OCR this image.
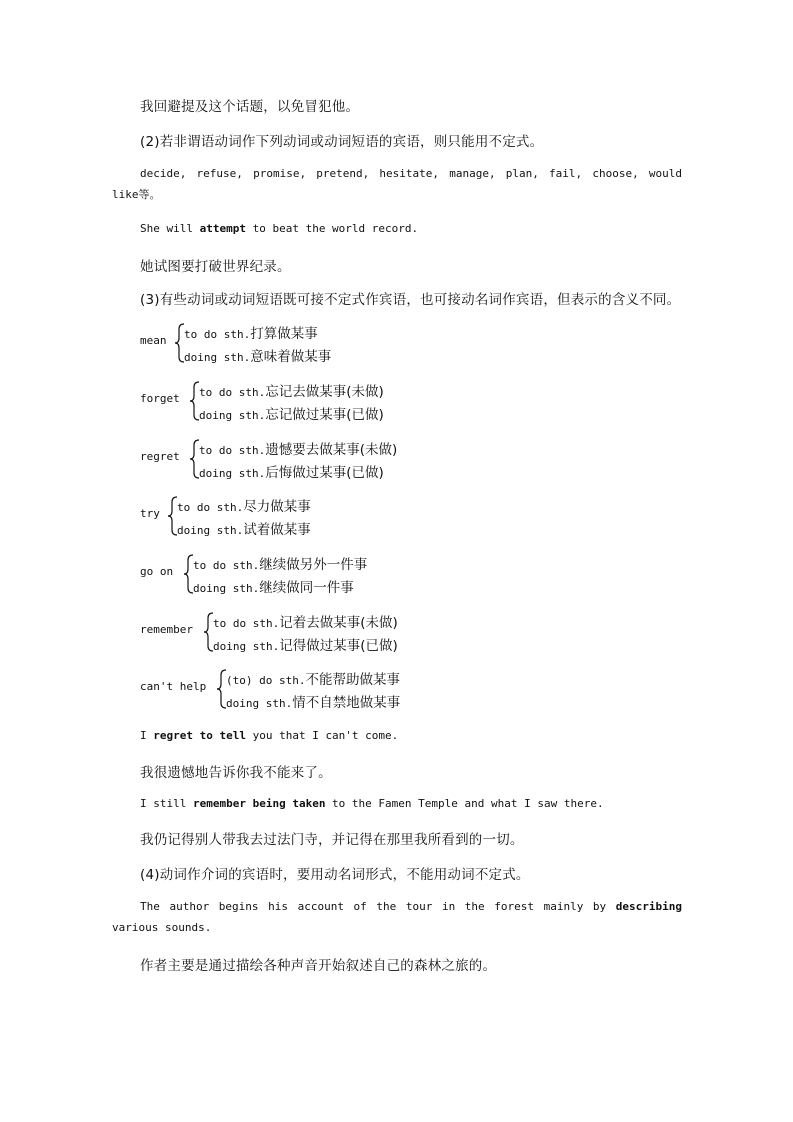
我回避提及这个话题，以免冒犯他。
(2)若非谓语动词作下列动词或动词短语的宾语，则只能用不定式。
decide, refuse, promise, pretend, hesitate, manage, plan, fail, choose, would like等。
She will attempt to beat the world record.
她试图要打破世界纪录。
(3)有些动词或动词短语既可接不定式作宾语，也可接动名词作宾语，但表示的含义不同。
mean to do sth.打算做某事
doing sth.意味着做某事
forget to do sth.忘记去做某事(未做)
doing sth.忘记做过某事(已做)
regret to do sth.遗憾要去做某事(未做)
doing sth.后悔做过某事(已做)
try to do sth.尽力做某事
doing sth.试着做某事
go on to do sth.继续做另外一件事
doing sth.继续做同一件事
remember to do sth.记着去做某事(未做)
doing sth.记得做过某事(已做)
can't help (to) do sth.不能帮助做某事
doing sth.情不自禁地做某事
I regret to tell you that I can't come.
我很遗憾地告诉你我不能来了。
I still remember being taken to the Famen Temple and what I saw there.
我仍记得别人带我去过法门寺，并记得在那里我所看到的一切。
(4)动词作介词的宾语时，要用动名词形式，不能用动词不定式。
The author begins his account of the tour in the forest mainly by describing various sounds.
作者主要是通过描绘各种声音开始叙述自己的森林之旅的。
